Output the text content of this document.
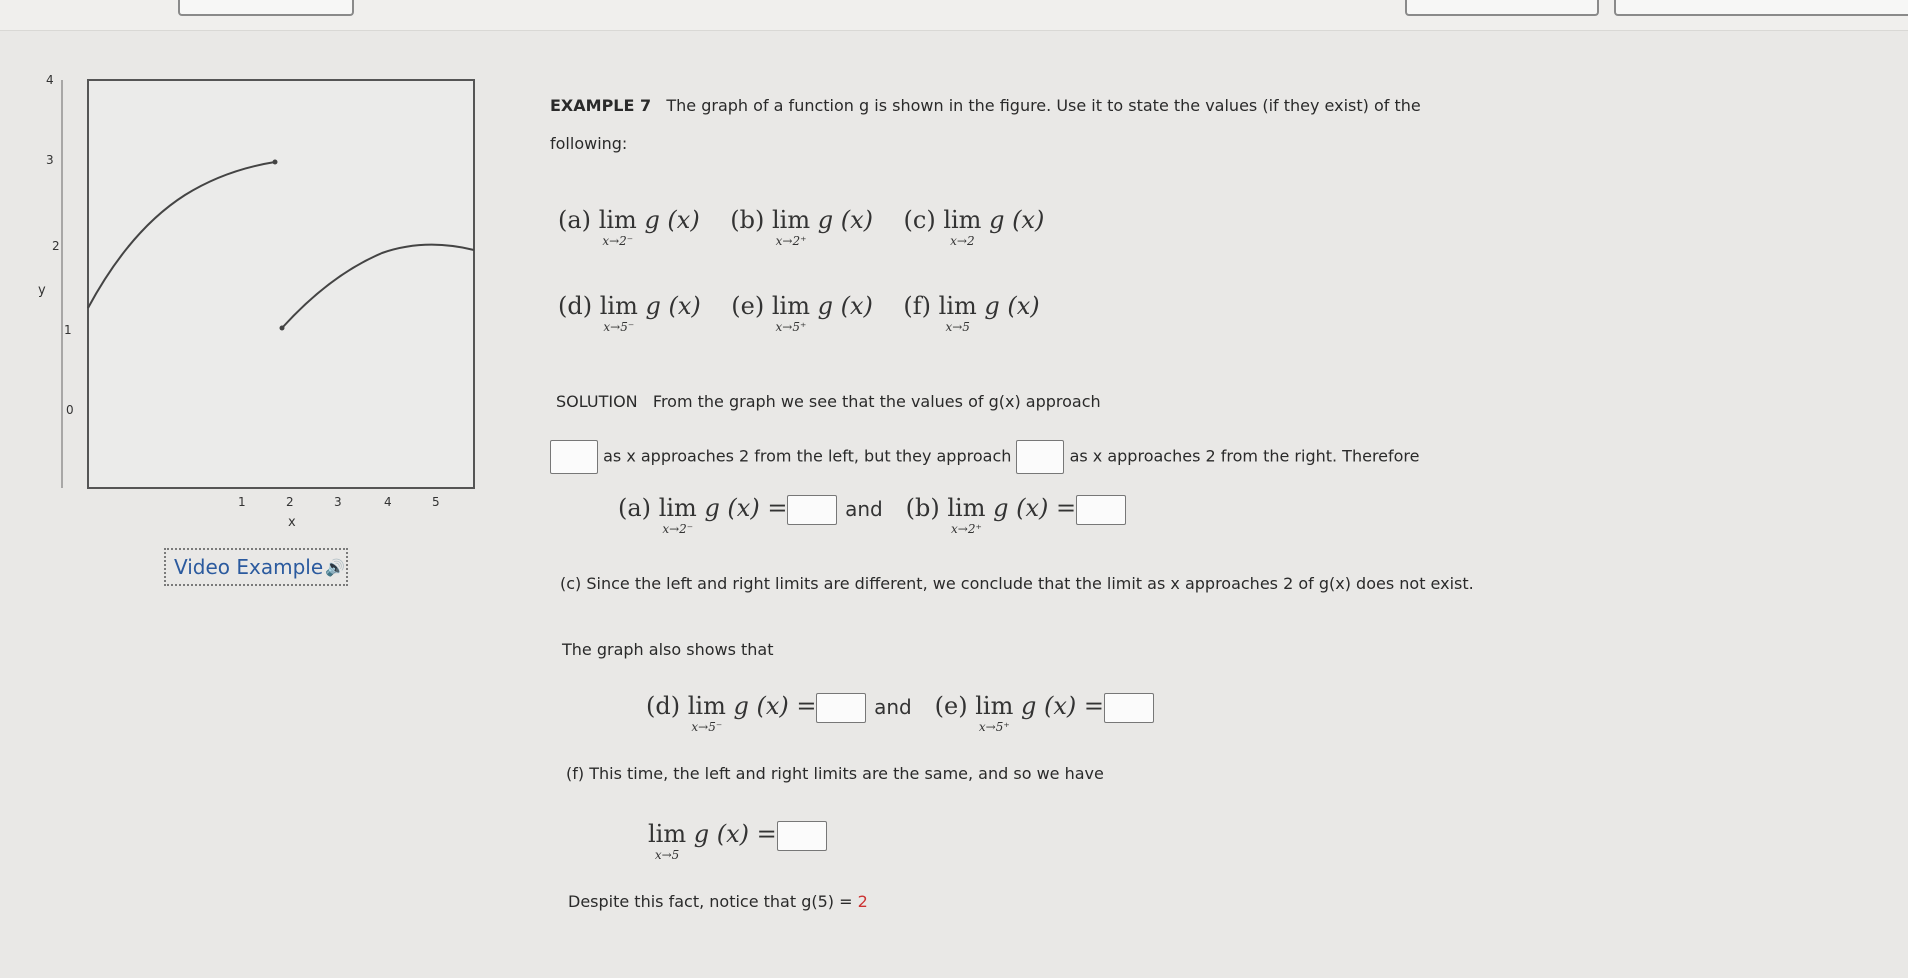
4
3
2
1
0
y
1	2	3	4	5
x
Video Example 🔊
EXAMPLE 7 The graph of a function g is shown in the figure. Use it to state the values (if they exist) of the
following:
(a) lim
x→2⁻
g (x) (b) lim
x→2⁺
g (x) (c) lim
x→2
g (x)
(d) lim
x→5⁻
g (x) (e) lim
x→5⁺
g (x) (f) lim
x→5
g (x)
SOLUTION From the graph we see that the values of g(x) approach
as x approaches 2 from the left, but they approach	as x approaches 2 from the right. Therefore
(a) lim
x→2⁻
g (x) =	and (b) lim
x→2⁺
g (x) =
(c) Since the left and right limits are different, we conclude that the limit as x approaches 2 of g(x) does not exist.
The graph also shows that
(d) lim
x→5⁻
g (x) =	and (e) lim
x→5⁺
g (x) =
(f) This time, the left and right limits are the same, and so we have
lim
x→5
g (x) =
Despite this fact, notice that g(5) = 2
